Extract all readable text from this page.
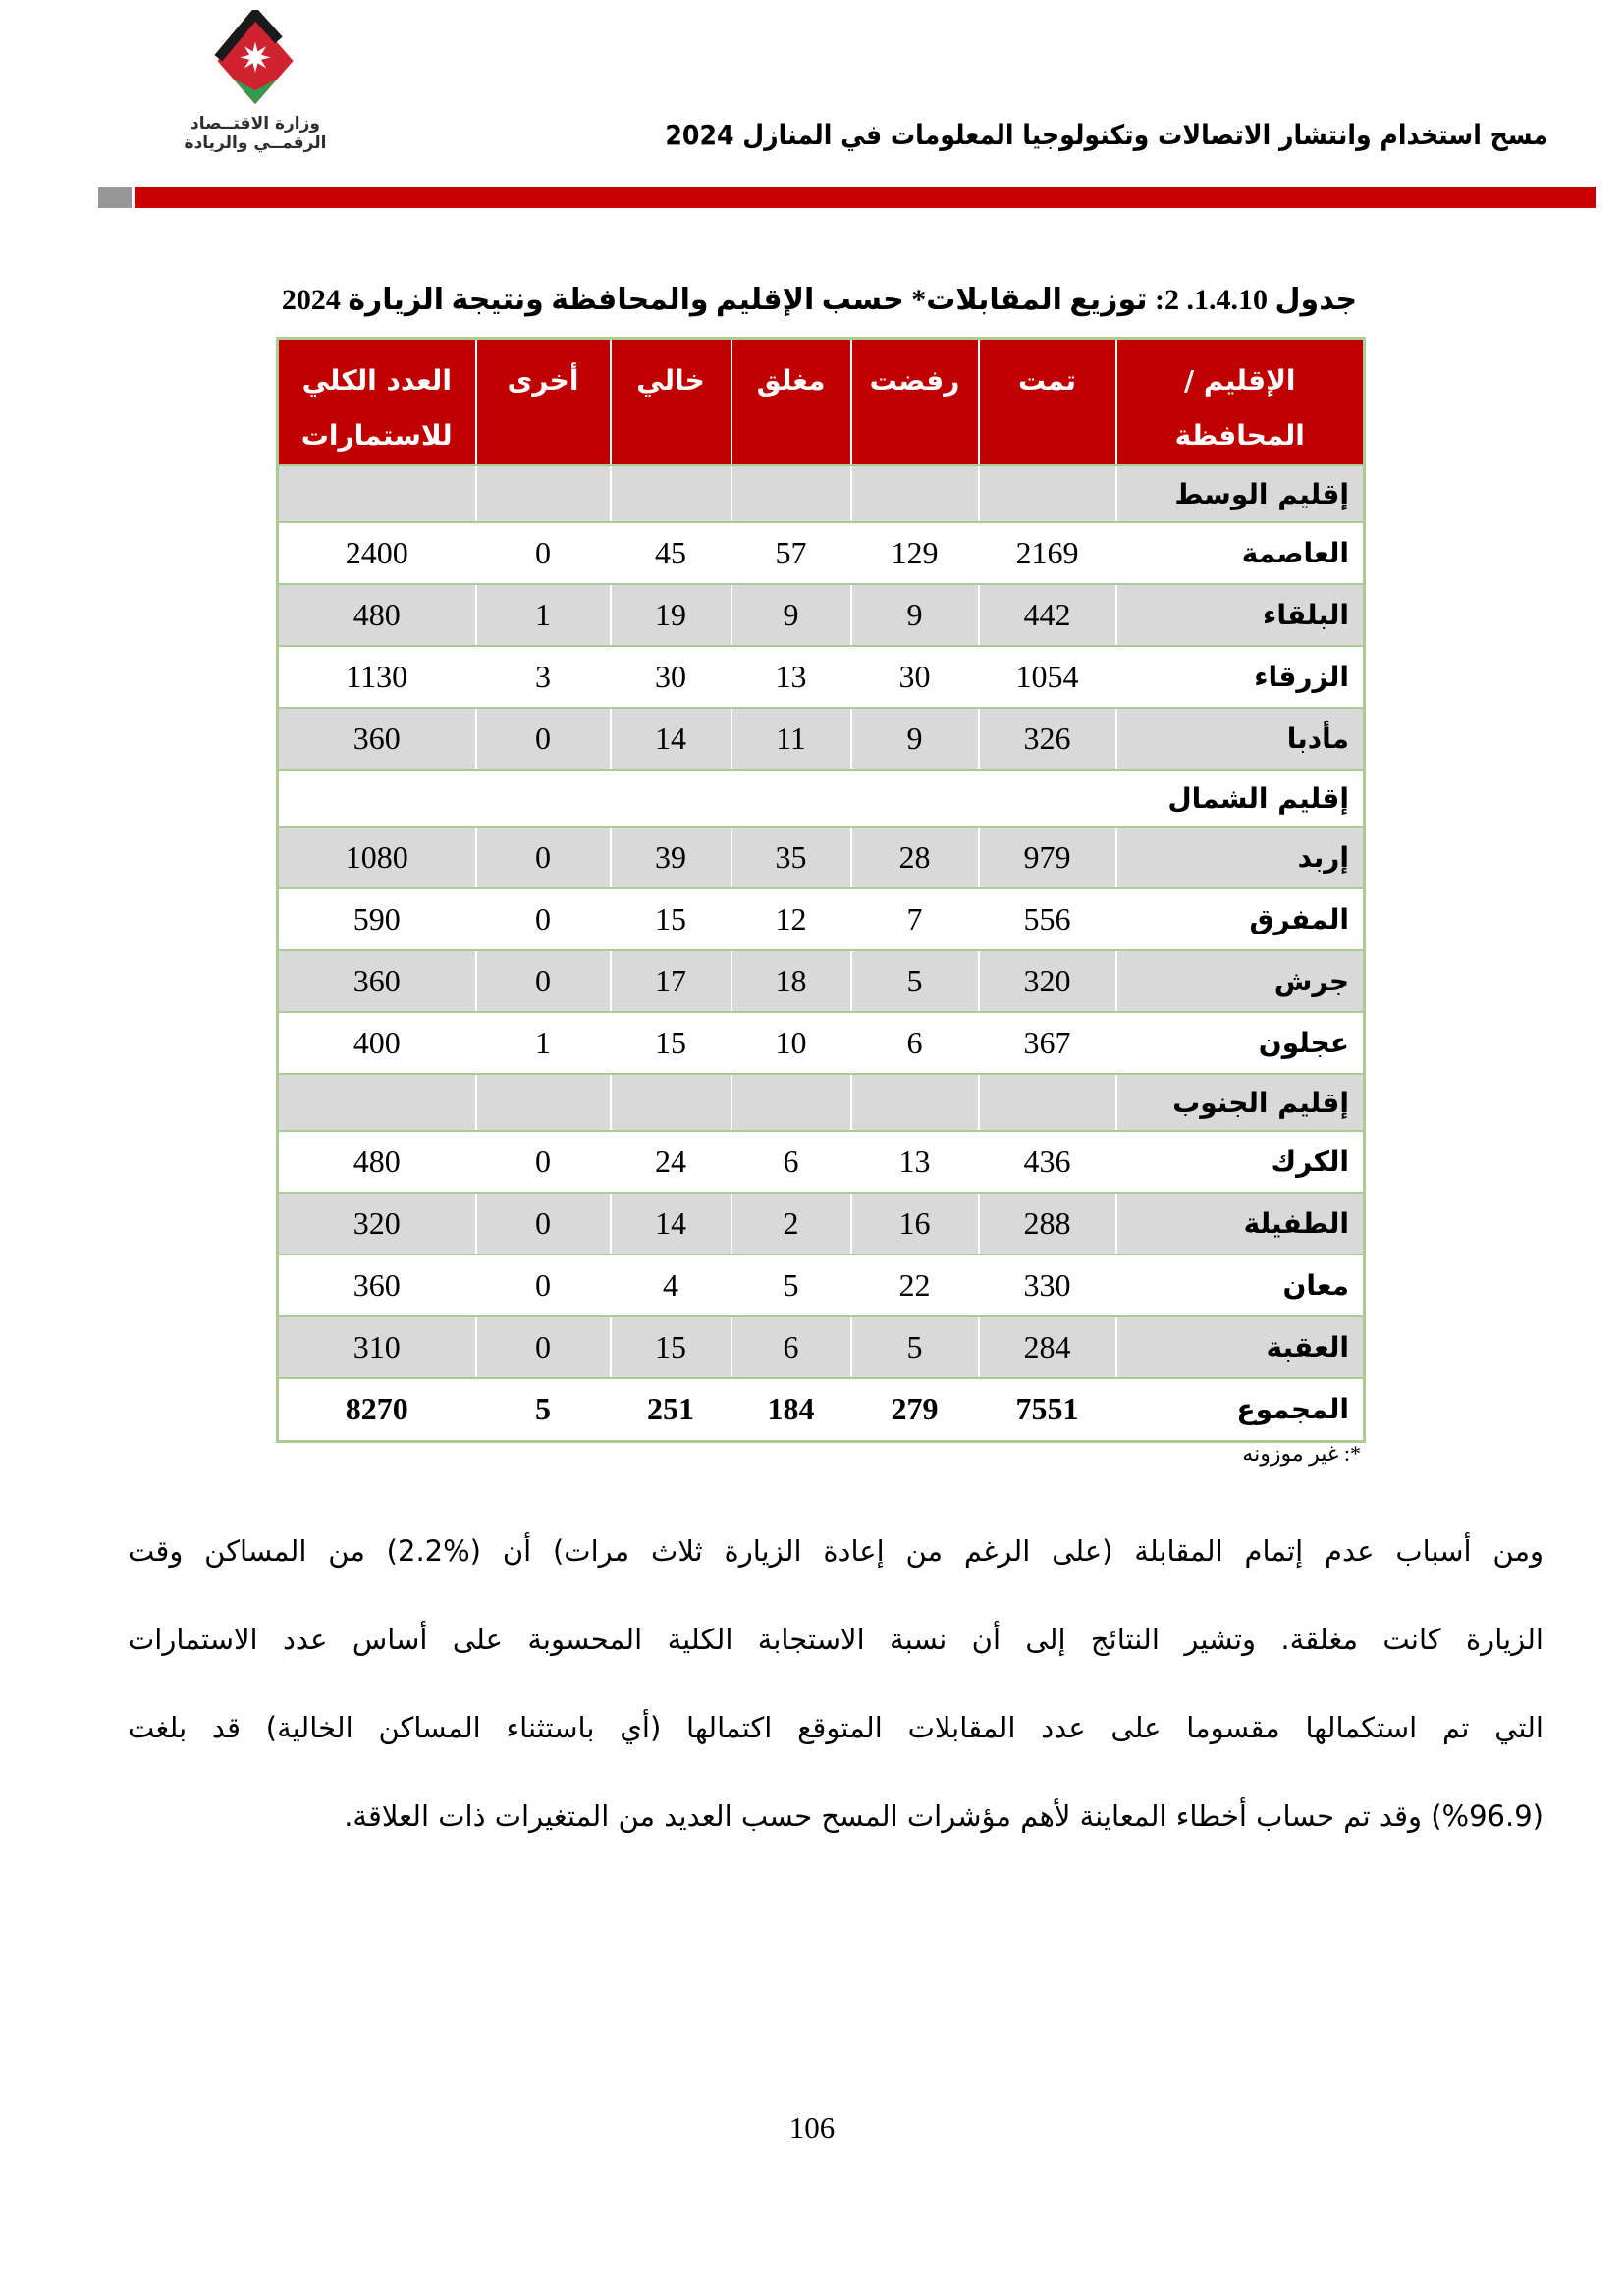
وزارة الاقتــصاد
الرقمــي والريادة	مسح استخدام وانتشار الاتصالات وتكنولوجيا المعلومات في المنازل 2024
جدول 1.4.10. 2: توزيع المقابلات* حسب الإقليم والمحافظة ونتيجة الزيارة 2024
الإقليم / المحافظة	تمت	رفضت	مغلق	خالي	أخرى	العدد الكلي للاستمارات
إقليم الوسط						
العاصمة	2169	129	57	45	0	2400
البلقاء	442	9	9	19	1	480
الزرقاء	1054	30	13	30	3	1130
مأدبا	326	9	11	14	0	360
إقليم الشمال						
إربد	979	28	35	39	0	1080
المفرق	556	7	12	15	0	590
جرش	320	5	18	17	0	360
عجلون	367	6	10	15	1	400
إقليم الجنوب						
الكرك	436	13	6	24	0	480
الطفيلة	288	16	2	14	0	320
معان	330	22	5	4	0	360
العقبة	284	5	6	15	0	310
المجموع	7551	279	184	251	5	8270
*: غير موزونه
ومن أسباب عدم إتمام المقابلة (على الرغم من إعادة الزيارة ثلاث مرات) أن (%2.2) من المساكن وقت
الزيارة كانت مغلقة. وتشير النتائج إلى أن نسبة الاستجابة الكلية المحسوبة على أساس عدد الاستمارات
التي تم استكمالها مقسوما على عدد المقابلات المتوقع اكتمالها (أي باستثناء المساكن الخالية) قد بلغت
(%96.9) وقد تم حساب أخطاء المعاينة لأهم مؤشرات المسح حسب العديد من المتغيرات ذات العلاقة.
106
